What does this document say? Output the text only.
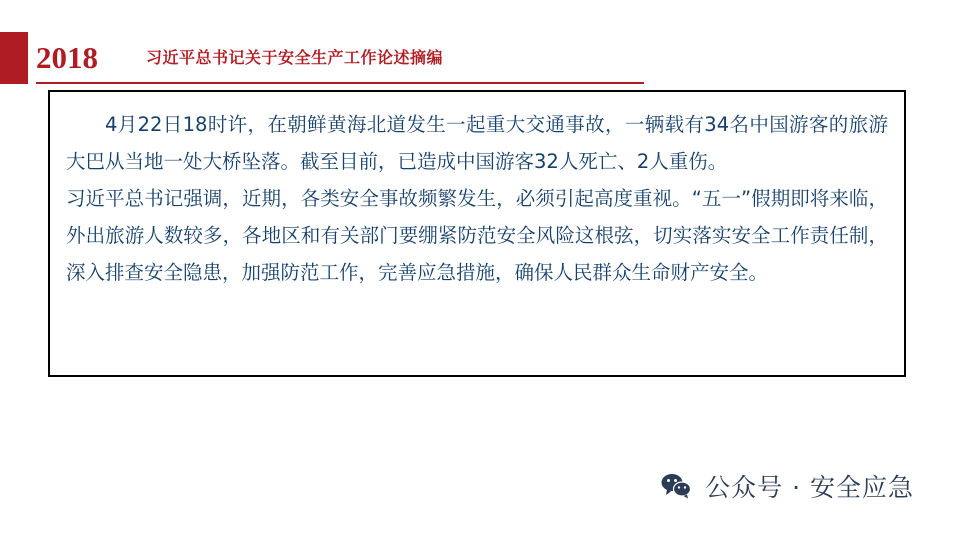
2018	习近平总书记关于安全生产工作论述摘编

4月22日18时许，在朝鲜黄海北道发生一起重大交通事故，一辆载有34名中国游客的旅游大巴从当地一处大桥坠落。截至目前，已造成中国游客32人死亡、2人重伤。

习近平总书记强调，近期，各类安全事故频繁发生，必须引起高度重视。“五一”假期即将来临，外出旅游人数较多，各地区和有关部门要绷紧防范安全风险这根弦，切实落实安全工作责任制，深入排查安全隐患，加强防范工作，完善应急措施，确保人民群众生命财产安全。

公众号 · 安全应急
